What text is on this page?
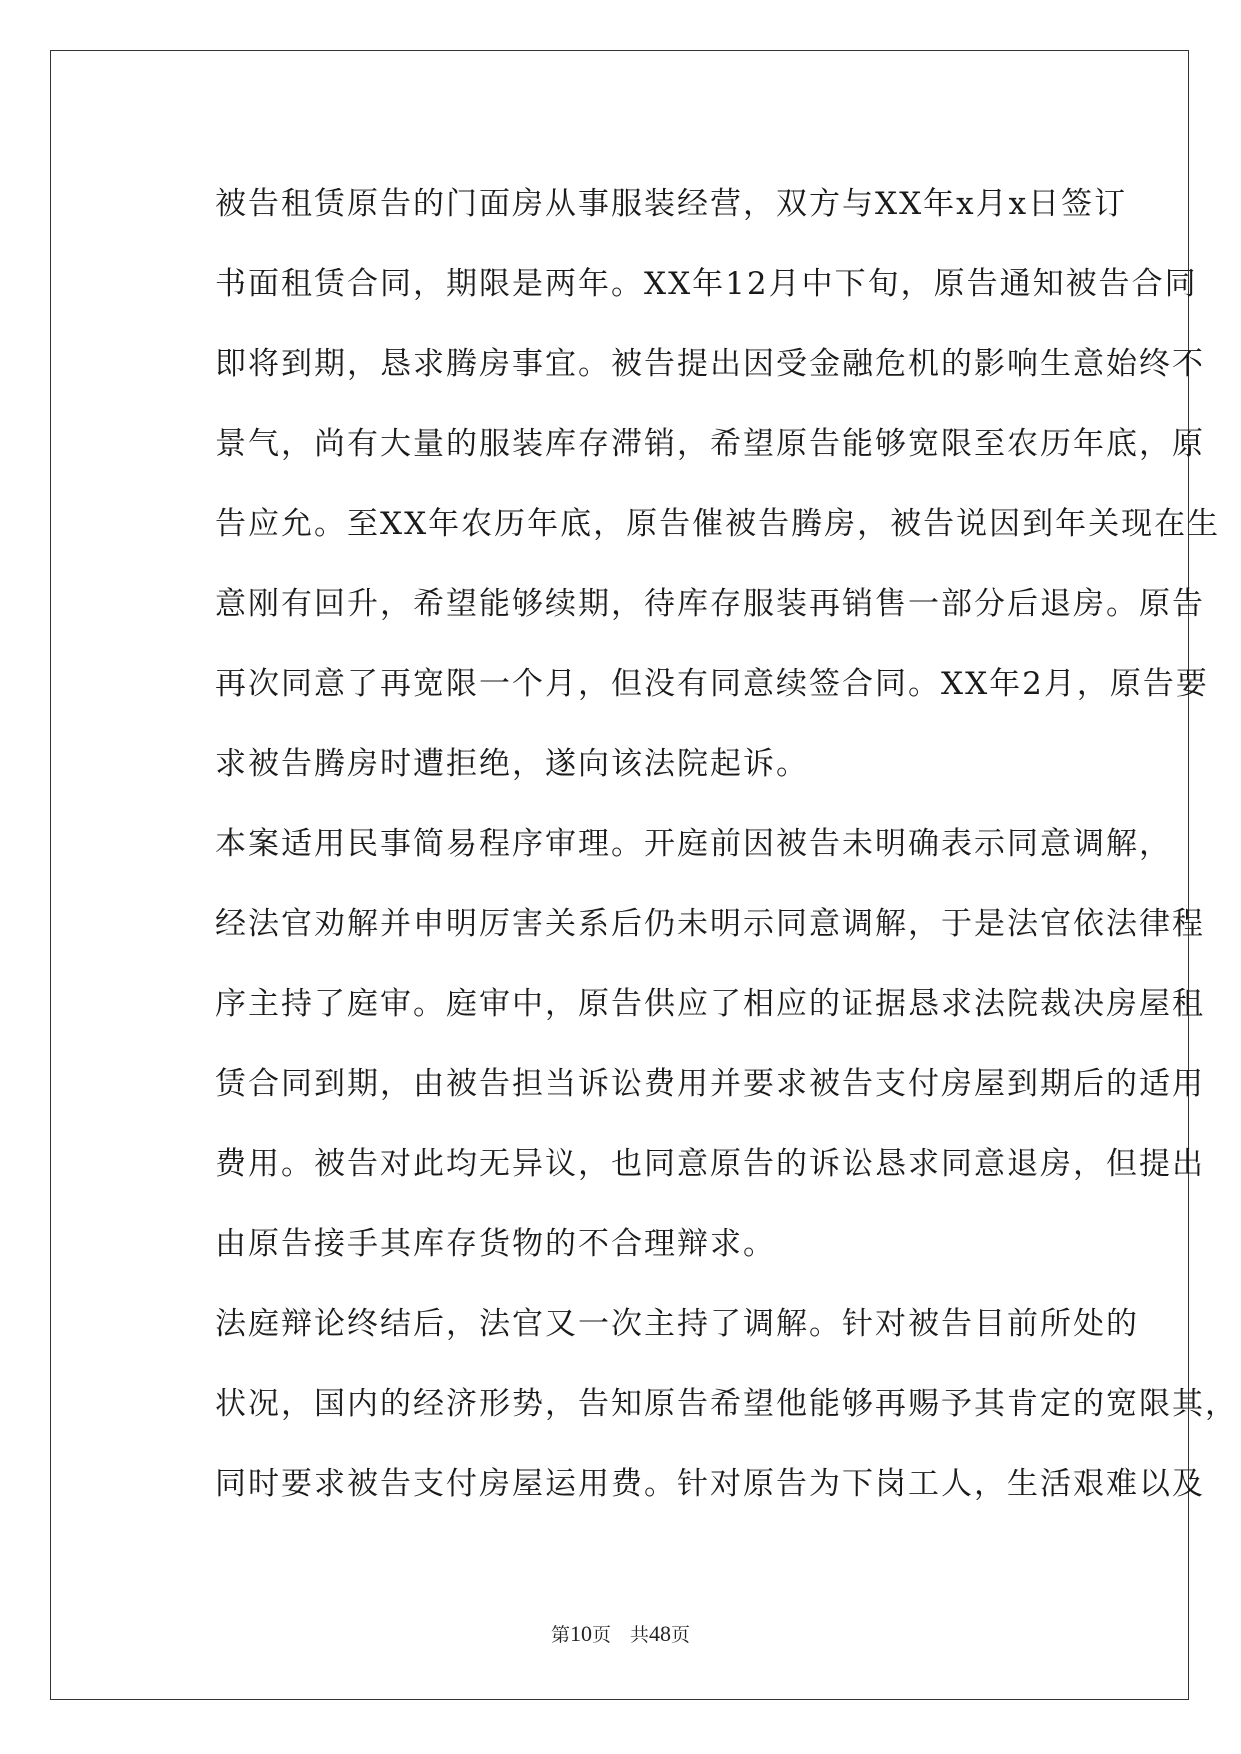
被告租赁原告的门面房从事服装经营，双方与XX年x月x日签订
书面租赁合同，期限是两年。XX年12月中下旬，原告通知被告合同
即将到期，恳求腾房事宜。被告提出因受金融危机的影响生意始终不
景气，尚有大量的服装库存滞销，希望原告能够宽限至农历年底，原
告应允。至XX年农历年底，原告催被告腾房，被告说因到年关现在生
意刚有回升，希望能够续期，待库存服装再销售一部分后退房。原告
再次同意了再宽限一个月，但没有同意续签合同。XX年2月，原告要
求被告腾房时遭拒绝，遂向该法院起诉。

本案适用民事简易程序审理。开庭前因被告未明确表示同意调解，
经法官劝解并申明厉害关系后仍未明示同意调解，于是法官依法律程
序主持了庭审。庭审中，原告供应了相应的证据恳求法院裁决房屋租
赁合同到期，由被告担当诉讼费用并要求被告支付房屋到期后的适用
费用。被告对此均无异议，也同意原告的诉讼恳求同意退房，但提出
由原告接手其库存货物的不合理辩求。

法庭辩论终结后，法官又一次主持了调解。针对被告目前所处的
状况，国内的经济形势，告知原告希望他能够再赐予其肯定的宽限其，
同时要求被告支付房屋运用费。针对原告为下岗工人，生活艰难以及

第10页　共48页
